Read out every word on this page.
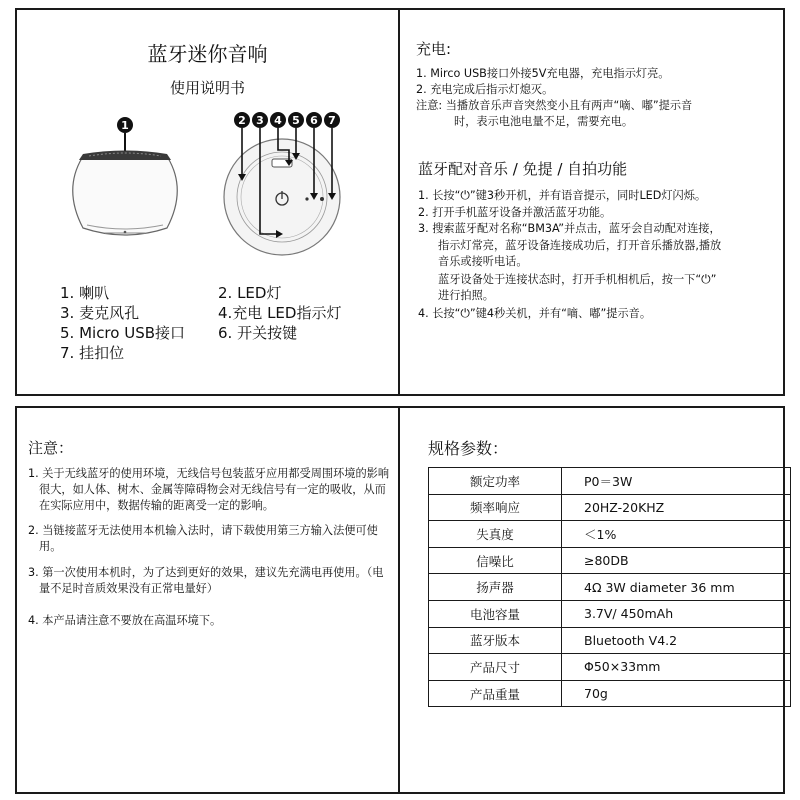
蓝牙迷你音响
使用说明书
1	2 3 4 5 6 7
1. 喇叭	2. LED灯
3. 麦克风孔	4.充电 LED指示灯
5. Micro USB接口 6. 开关按键
7. 挂扣位
充电:

1. Mirco USB接口外接5V充电器，充电指示灯亮。

2. 充电完成后指示灯熄灭。

注意: 当播放音乐声音突然变小且有两声“嘀、嘟”提示音

时，表示电池电量不足，需要充电。

蓝牙配对音乐 / 免提 / 自拍功能

1. 长按“⏻”键3秒开机，并有语音提示，同时LED灯闪烁。

2. 打开手机蓝牙设备并激活蓝牙功能。

3. 搜索蓝牙配对名称“BM3A”并点击，蓝牙会自动配对连接，

指示灯常亮，蓝牙设备连接成功后，打开音乐播放器,播放

音乐或接听电话。

蓝牙设备处于连接状态时，打开手机相机后，按一下“⏻”

进行拍照。

4. 长按“⏻”键4秒关机，并有“嘀、嘟”提示音。

注意：

1. 关于无线蓝牙的使用环境，无线信号包装蓝牙应用都受周围环境的影响很大，如人体、树木、金属等障碍物会对无线信号有一定的吸收，从而在实际应用中，数据传输的距离受一定的影响。

2. 当链接蓝牙无法使用本机输入法时，请下载使用第三方输入法便可使用。

3. 第一次使用本机时，为了达到更好的效果，建议先充满电再使用。（电量不足时音质效果没有正常电量好）

4. 本产品请注意不要放在高温环境下。

规格参数：
额定功率	P0＝3W
频率响应	20HZ-20KHZ
失真度	＜1%
信噪比	≥80DB
扬声器	4Ω 3W diameter 36 mm
电池容量	3.7V/ 450mAh
蓝牙版本	Bluetooth V4.2
产品尺寸	Φ50×33mm
产品重量	70g
